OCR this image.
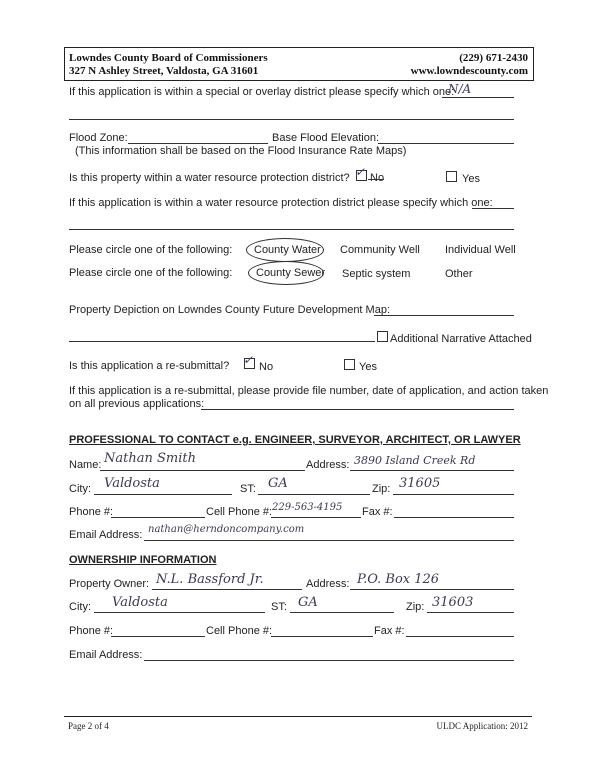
Lowndes County Board of Commissioners
327 N Ashley Street, Valdosta, GA 31601
(229) 671-2430
www.lowndescounty.com
If this application is within a special or overlay district please specify which one:
N/A
Flood Zone:	Base Flood Elevation:
(This information shall be based on the Flood Insurance Rate Maps)
Is this property within a water resource protection district? ✓ No	Yes
If this application is within a water resource protection district please specify which one:
Please circle one of the following: County Water Community Well Individual Well
Please circle one of the following: County Sewer Septic system	Other
Property Depiction on Lowndes County Future Development Map:
Additional Narrative Attached
Is this application a re-submittal? ✓ No	Yes
If this application is a re-submittal, please provide file number, date of application, and action taken
on all previous applications:
PROFESSIONAL TO CONTACT e.g. ENGINEER, SURVEYOR, ARCHITECT, OR LAWYER
Name: Nathan Smith	Address: 3890 Island Creek Rd
City: Valdosta	ST: GA	Zip: 31605
Phone #:	Cell Phone #: 229-563-4195 Fax #:
Email Address: nathan@herndoncompany.com
OWNERSHIP INFORMATION
Property Owner: N.L. Bassford Jr.	Address: P.O. Box 126
City: Valdosta	ST: GA	Zip: 31603
Phone #:	Cell Phone #:	Fax #:
Email Address:
Page 2 of 4	ULDC Application: 2012
